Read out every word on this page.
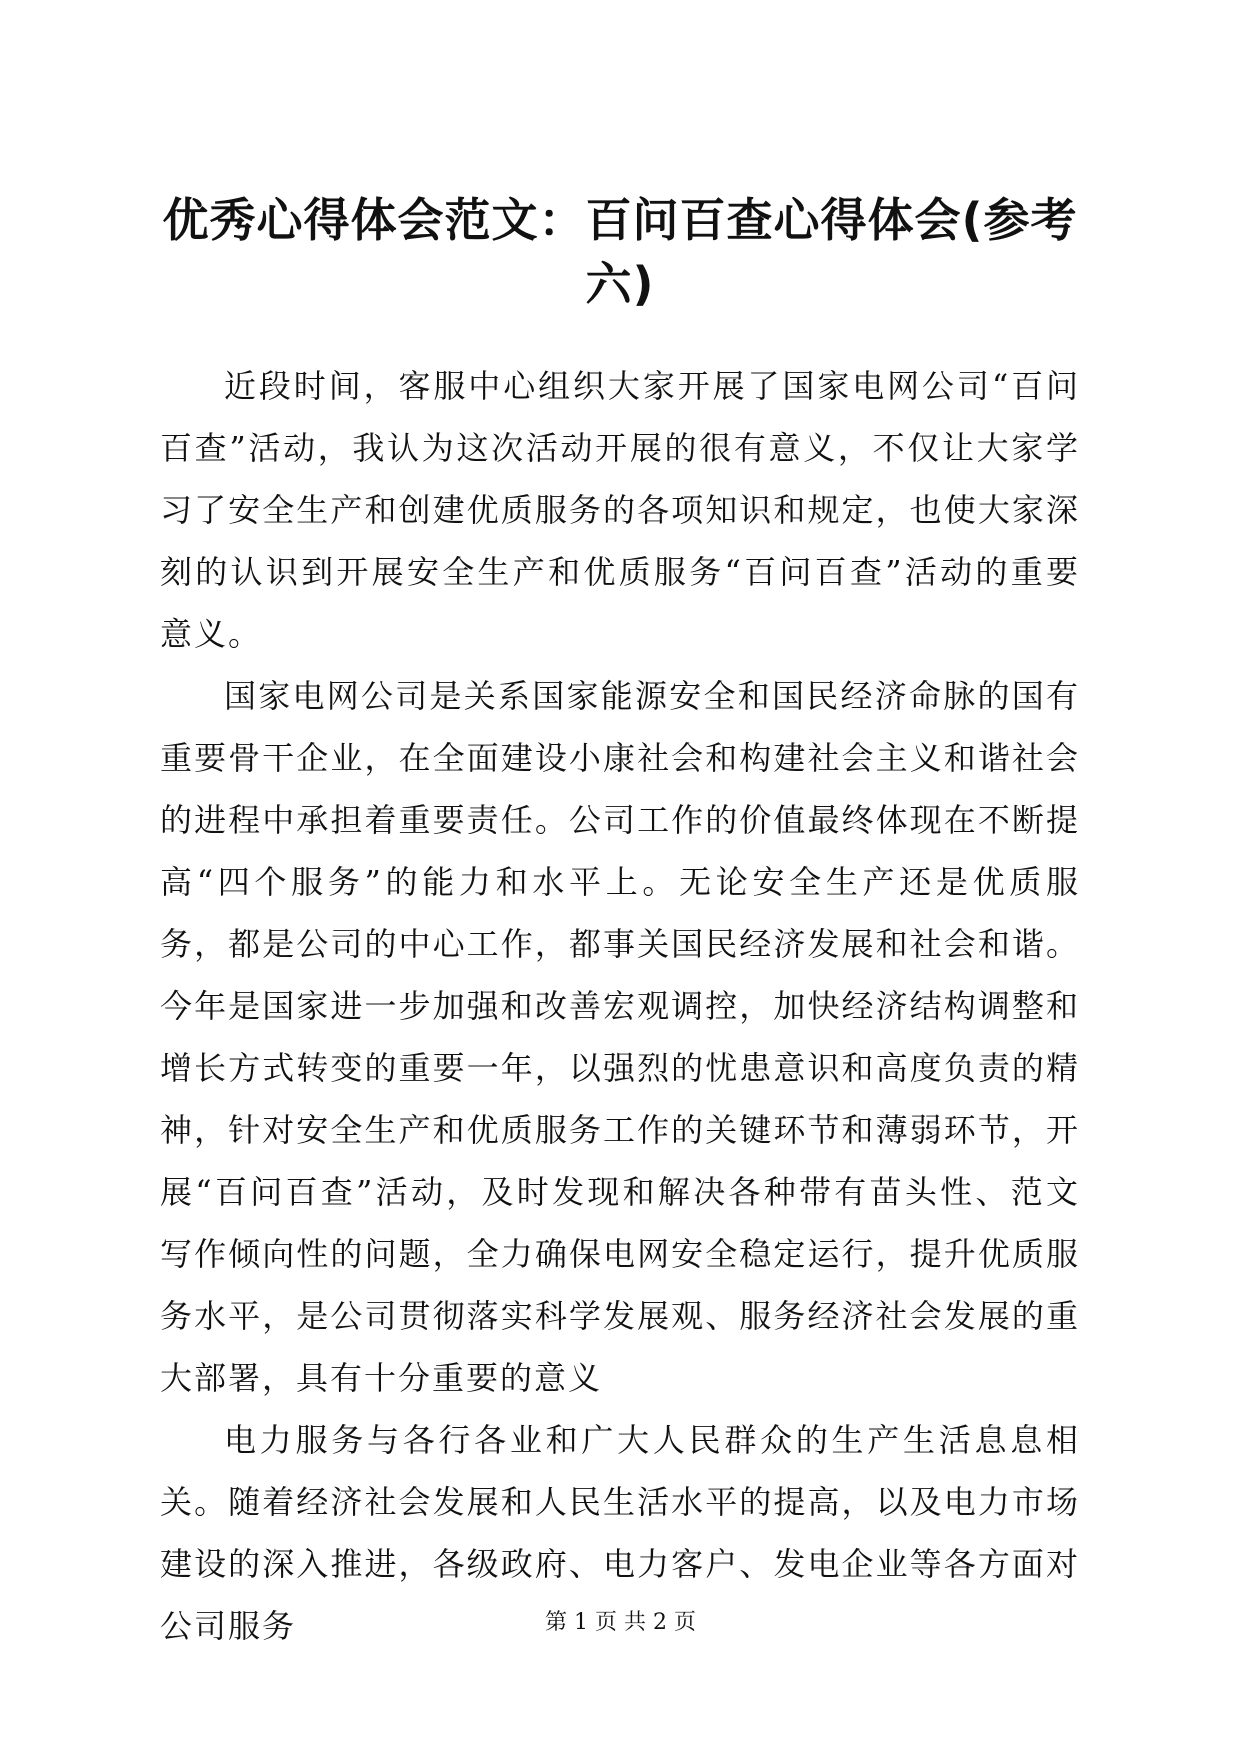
优秀心得体会范文：百问百查心得体会(参考六)

近段时间，客服中心组织大家开展了国家电网公司“百问百查”活动，我认为这次活动开展的很有意义，不仅让大家学习了安全生产和创建优质服务的各项知识和规定，也使大家深刻的认识到开展安全生产和优质服务“百问百查”活动的重要意义。

国家电网公司是关系国家能源安全和国民经济命脉的国有重要骨干企业，在全面建设小康社会和构建社会主义和谐社会的进程中承担着重要责任。公司工作的价值最终体现在不断提高“四个服务”的能力和水平上。无论安全生产还是优质服务，都是公司的中心工作，都事关国民经济发展和社会和谐。今年是国家进一步加强和改善宏观调控，加快经济结构调整和增长方式转变的重要一年，以强烈的忧患意识和高度负责的精神，针对安全生产和优质服务工作的关键环节和薄弱环节，开展“百问百查”活动，及时发现和解决各种带有苗头性、范文写作倾向性的问题，全力确保电网安全稳定运行，提升优质服务水平，是公司贯彻落实科学发展观、服务经济社会发展的重大部署，具有十分重要的意义

电力服务与各行各业和广大人民群众的生产生活息息相关。随着经济社会发展和人民生活水平的提高，以及电力市场建设的深入推进，各级政府、电力客户、发电企业等各方面对公司服务	第 1 页 共 2 页
